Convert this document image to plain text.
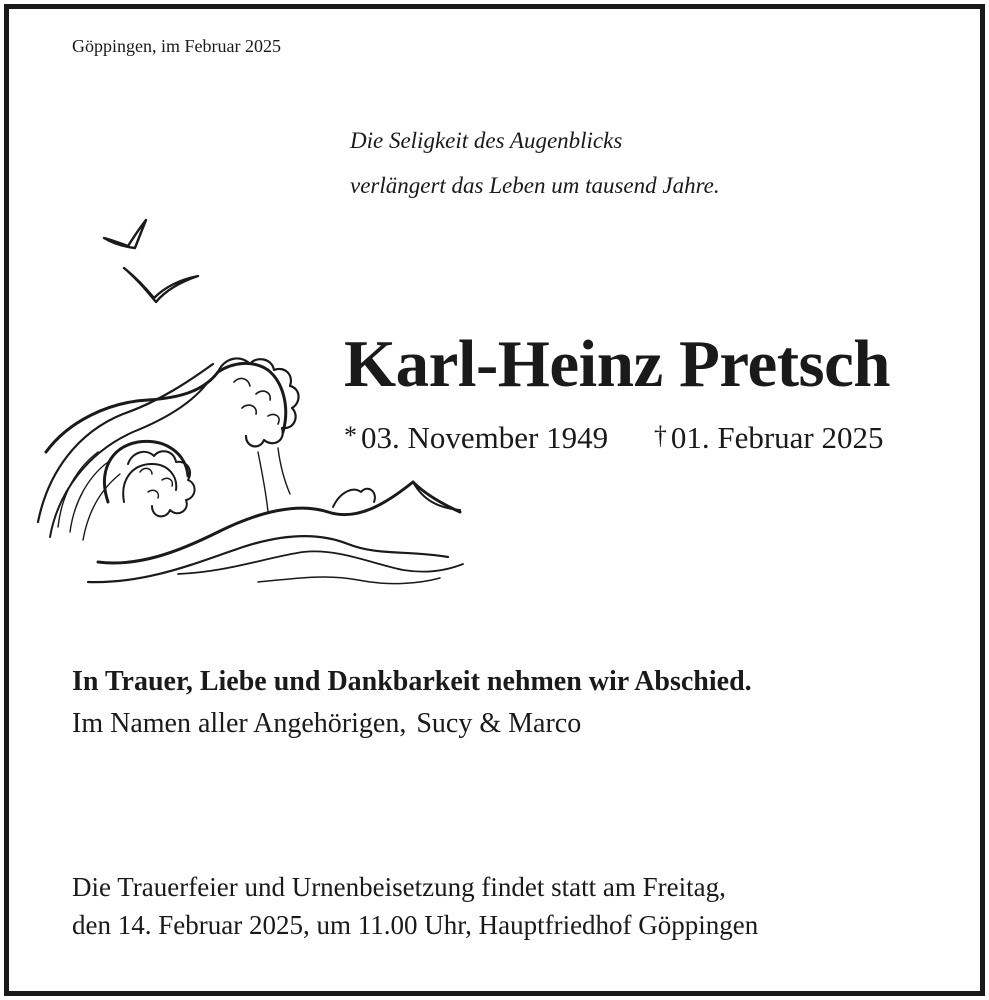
Göppingen, im Februar 2025
Die Seligkeit des Augenblicks
verlängert das Leben um tausend Jahre.
Karl-Heinz Pretsch
* 03. November 1949 † 01. Februar 2025
In Trauer, Liebe und Dankbarkeit nehmen wir Abschied.
Im Namen aller Angehörigen, Sucy & Marco
Die Trauerfeier und Urnenbeisetzung findet statt am Freitag,
den 14. Februar 2025, um 11.00 Uhr, Hauptfriedhof Göppingen
